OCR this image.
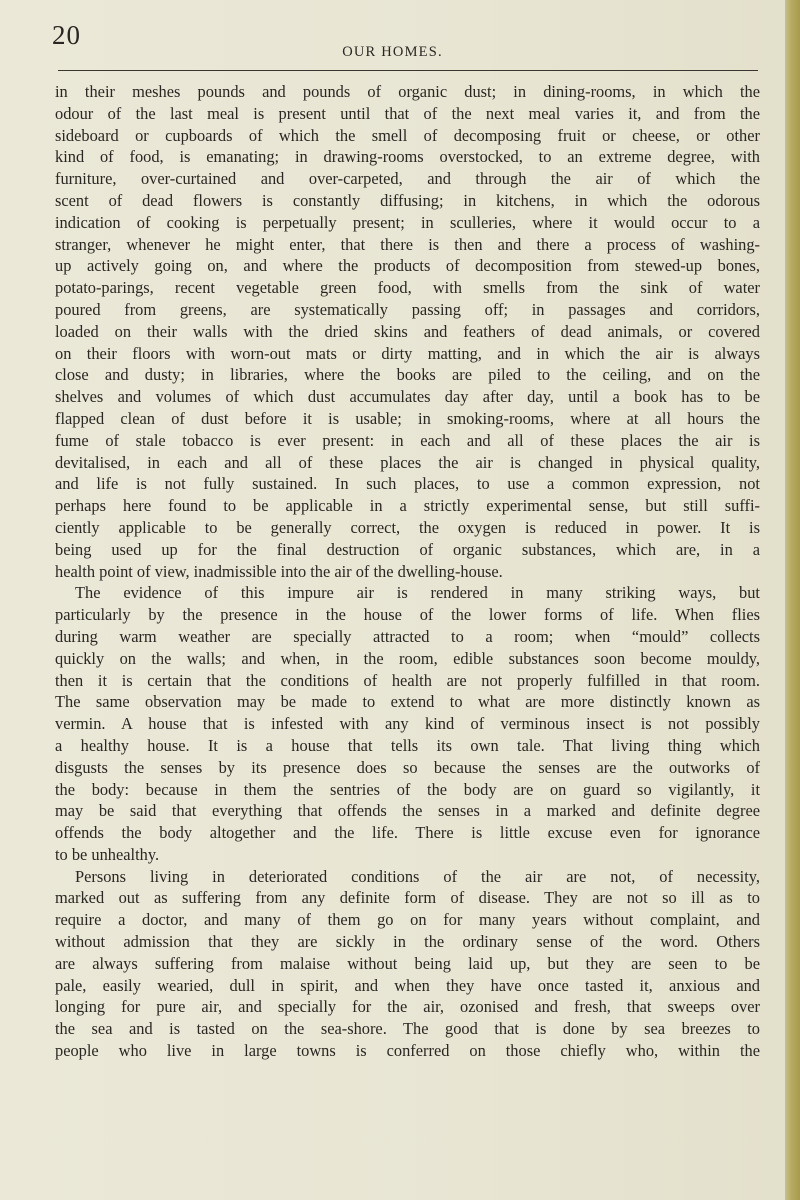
20
OUR HOMES.
in their meshes pounds and pounds of organic dust; in dining-rooms, in which the
odour of the last meal is present until that of the next meal varies it, and from the
sideboard or cupboards of which the smell of decomposing fruit or cheese, or other
kind of food, is emanating; in drawing-rooms overstocked, to an extreme degree, with
furniture, over-curtained and over-carpeted, and through the air of which the
scent of dead flowers is constantly diffusing; in kitchens, in which the odorous
indication of cooking is perpetually present; in sculleries, where it would occur to a
stranger, whenever he might enter, that there is then and there a process of washing-
up actively going on, and where the products of decomposition from stewed-up bones,
potato-parings, recent vegetable green food, with smells from the sink of water
poured from greens, are systematically passing off; in passages and corridors,
loaded on their walls with the dried skins and feathers of dead animals, or covered
on their floors with worn-out mats or dirty matting, and in which the air is always
close and dusty; in libraries, where the books are piled to the ceiling, and on the
shelves and volumes of which dust accumulates day after day, until a book has to be
flapped clean of dust before it is usable; in smoking-rooms, where at all hours the
fume of stale tobacco is ever present: in each and all of these places the air is
devitalised, in each and all of these places the air is changed in physical quality,
and life is not fully sustained. In such places, to use a common expression, not
perhaps here found to be applicable in a strictly experimental sense, but still suffi-
ciently applicable to be generally correct, the oxygen is reduced in power. It is
being used up for the final destruction of organic substances, which are, in a
health point of view, inadmissible into the air of the dwelling-house.
The evidence of this impure air is rendered in many striking ways, but
particularly by the presence in the house of the lower forms of life. When flies
during warm weather are specially attracted to a room; when “mould” collects
quickly on the walls; and when, in the room, edible substances soon become mouldy,
then it is certain that the conditions of health are not properly fulfilled in that room.
The same observation may be made to extend to what are more distinctly known as
vermin. A house that is infested with any kind of verminous insect is not possibly
a healthy house. It is a house that tells its own tale. That living thing which
disgusts the senses by its presence does so because the senses are the outworks of
the body: because in them the sentries of the body are on guard so vigilantly, it
may be said that everything that offends the senses in a marked and definite degree
offends the body altogether and the life. There is little excuse even for ignorance
to be unhealthy.
Persons living in deteriorated conditions of the air are not, of necessity,
marked out as suffering from any definite form of disease. They are not so ill as to
require a doctor, and many of them go on for many years without complaint, and
without admission that they are sickly in the ordinary sense of the word. Others
are always suffering from malaise without being laid up, but they are seen to be
pale, easily wearied, dull in spirit, and when they have once tasted it, anxious and
longing for pure air, and specially for the air, ozonised and fresh, that sweeps over
the sea and is tasted on the sea-shore. The good that is done by sea breezes to
people who live in large towns is conferred on those chiefly who, within the
